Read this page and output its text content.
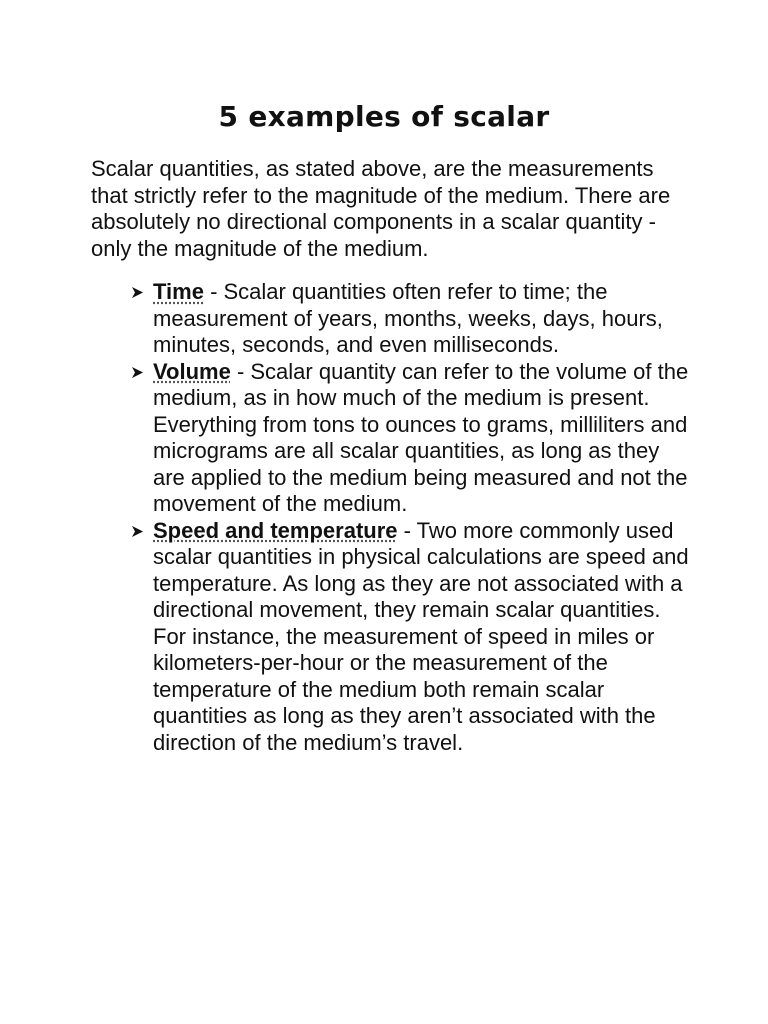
5 examples of scalar

Scalar quantities, as stated above, are the measurements that strictly refer to the magnitude of the medium. There are absolutely no directional components in a scalar quantity - only the magnitude of the medium.

Time - Scalar quantities often refer to time; the measurement of years, months, weeks, days, hours, minutes, seconds, and even milliseconds.
Volume - Scalar quantity can refer to the volume of the medium, as in how much of the medium is present. Everything from tons to ounces to grams, milliliters and micrograms are all scalar quantities, as long as they are applied to the medium being measured and not the movement of the medium.
Speed and temperature - Two more commonly used scalar quantities in physical calculations are speed and temperature. As long as they are not associated with a directional movement, they remain scalar quantities. For instance, the measurement of speed in miles or kilometers-per-hour or the measurement of the temperature of the medium both remain scalar quantities as long as they aren’t associated with the direction of the medium’s travel.
